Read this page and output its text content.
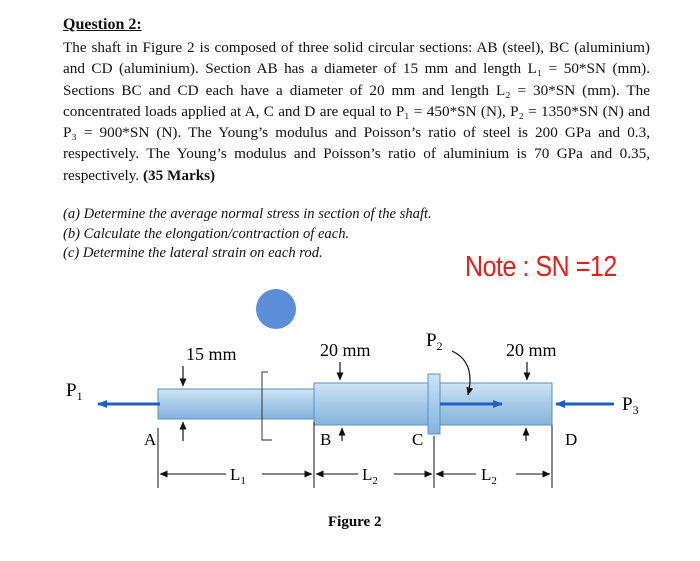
Question 2:
The shaft in Figure 2 is composed of three solid circular sections: AB (steel), BC (aluminium) and CD (aluminium). Section AB has a diameter of 15 mm and length L₁ = 50*SN (mm). Sections BC and CD each have a diameter of 20 mm and length L₂ = 30*SN (mm). The concentrated loads applied at A, C and D are equal to P₁ = 450*SN (N), P₂ = 1350*SN (N) and P₃ = 900*SN (N). The Young’s modulus and Poisson’s ratio of steel is 200 GPa and 0.3, respectively. The Young’s modulus and Poisson’s ratio of aluminium is 70 GPa and 0.35, respectively. (35 Marks)
(a) Determine the average normal stress in section of the shaft.
(b) Calculate the elongation/contraction of each.
(c) Determine the lateral strain on each rod.	Note : SN =12
15 mm	20 mm	20 mm
$P_1$
$P_2$
$P_3$
A	B	C	D
$L_1$	$L_2$	$L_2$
Figure 2
